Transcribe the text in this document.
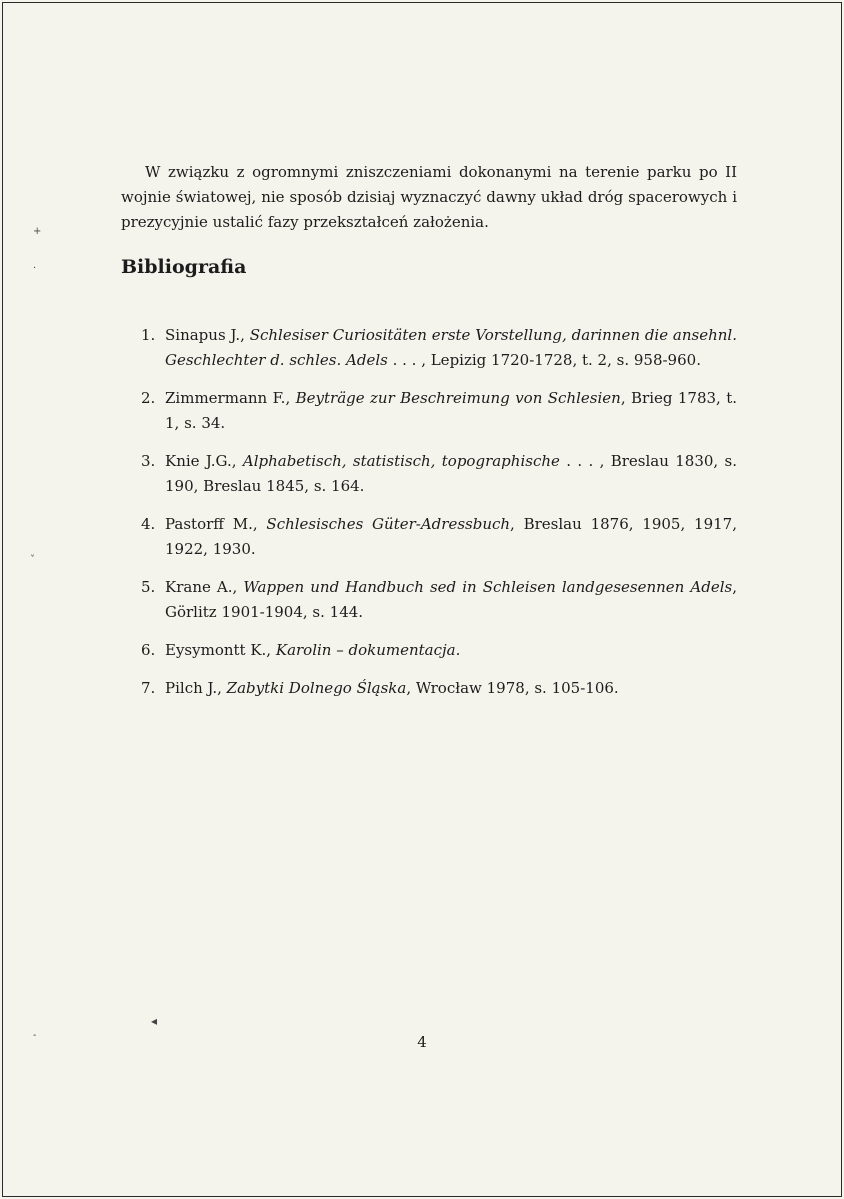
+
·
ˇ
-
◂

W związku z ogromnymi zniszczeniami dokonanymi na terenie parku po II wojnie światowej, nie sposób dzisiaj wyznaczyć dawny układ dróg spacerowych i prezycyjnie ustalić fazy przekształceń założenia.

Bibliografia
1. Sinapus J., Schlesiser Curiositäten erste Vorstellung, darinnen die ansehnl. Geschlechter d. schles. Adels . . . , Lepizig 1720-1728, t. 2, s. 958-960.
2. Zimmermann F., Beyträge zur Beschreimung von Schlesien, Brieg 1783, t. 1, s. 34.
3. Knie J.G., Alphabetisch, statistisch, topographische . . . , Breslau 1830, s. 190, Breslau 1845, s. 164.
4. Pastorff M., Schlesisches Güter-Adressbuch, Breslau 1876, 1905, 1917, 1922, 1930.
5. Krane A., Wappen und Handbuch sed in Schleisen landgesesennen Adels, Görlitz 1901-1904, s. 144.
6. Eysymontt K., Karolin – dokumentacja.
7. Pilch J., Zabytki Dolnego Śląska, Wrocław 1978, s. 105-106.
4
